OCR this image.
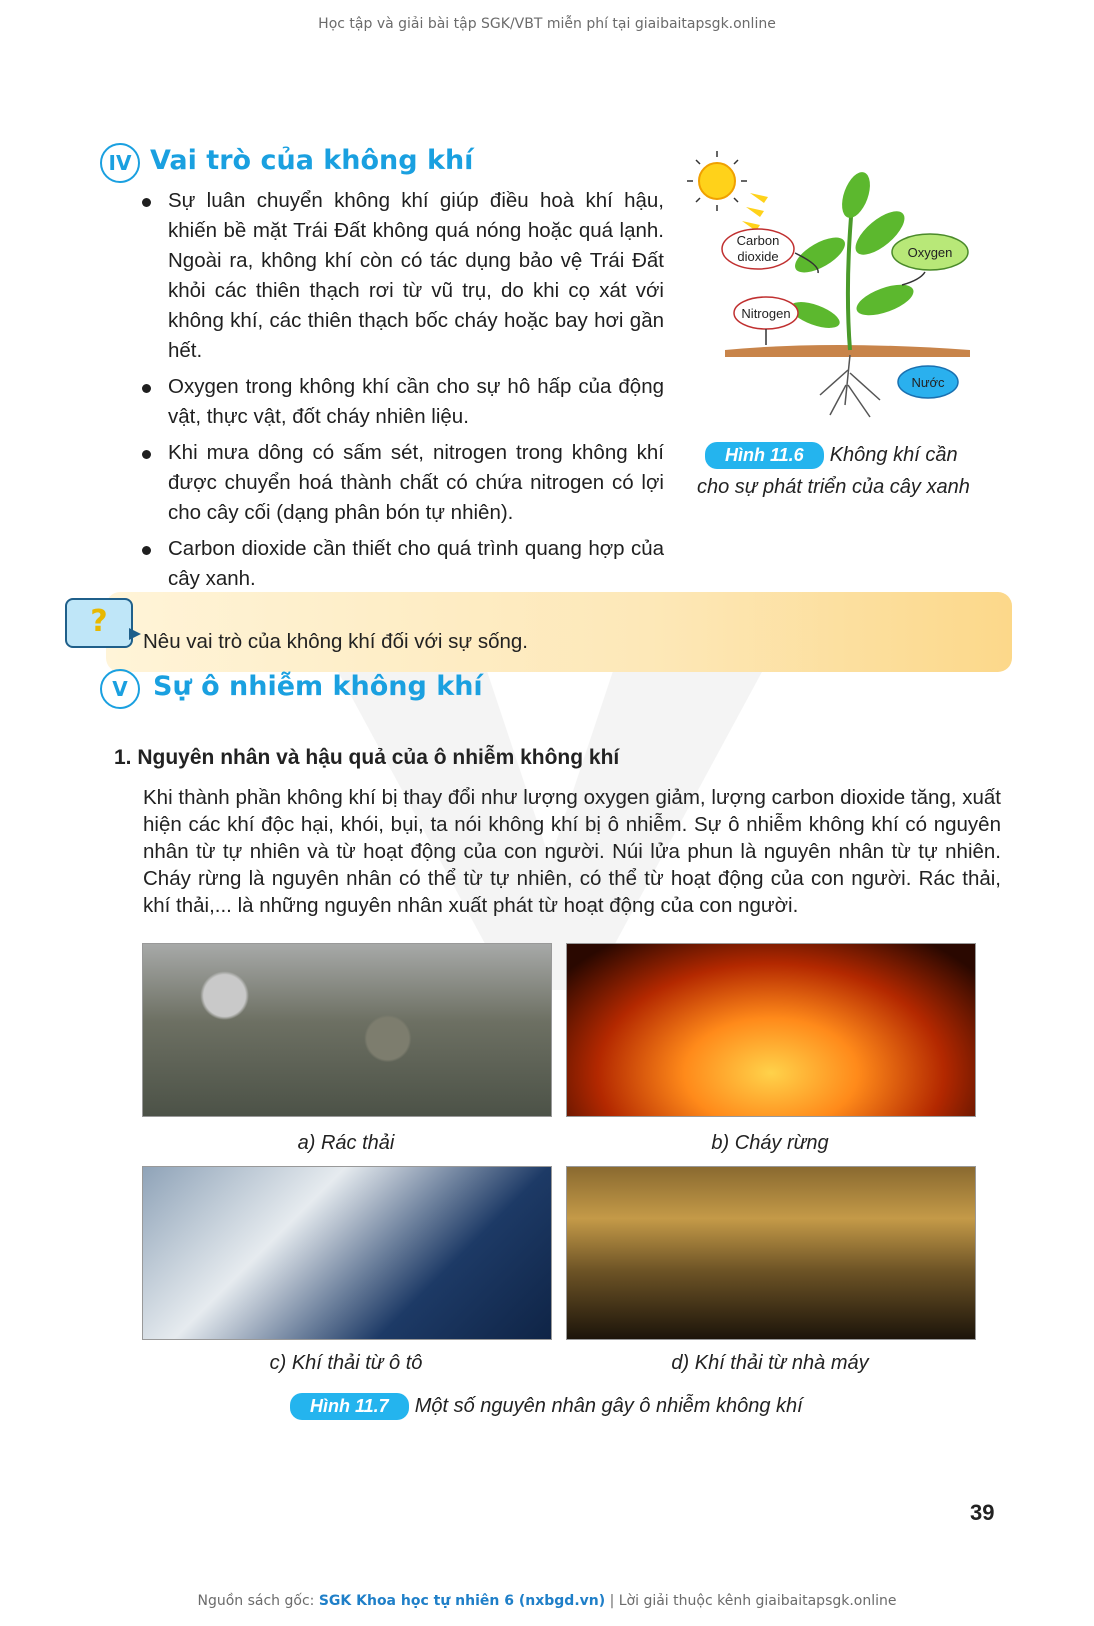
Học tập và giải bài tập SGK/VBT miễn phí tại giaibaitapsgk.online
IV Vai trò của không khí
Sự luân chuyển không khí giúp điều hoà khí hậu, khiến bề mặt Trái Đất không quá nóng hoặc quá lạnh. Ngoài ra, không khí còn có tác dụng bảo vệ Trái Đất khỏi các thiên thạch rơi từ vũ trụ, do khi cọ xát với không khí, các thiên thạch bốc cháy hoặc bay hơi gần hết.
Oxygen trong không khí cần cho sự hô hấp của động vật, thực vật, đốt cháy nhiên liệu.
Khi mưa dông có sấm sét, nitrogen trong không khí được chuyển hoá thành chất có chứa nitrogen có lợi cho cây cối (dạng phân bón tự nhiên).
Carbon dioxide cần thiết cho quá trình quang hợp của cây xanh.
Carbon
dioxide	Oxygen
Nitrogen
Nước
Hình 11.6 Không khí cần
cho sự phát triển của cây xanh
?
Nêu vai trò của không khí đối với sự sống.
V Sự ô nhiễm không khí
1. Nguyên nhân và hậu quả của ô nhiễm không khí
Khi thành phần không khí bị thay đổi như lượng oxygen giảm, lượng carbon dioxide tăng, xuất hiện các khí độc hại, khói, bụi, ta nói không khí bị ô nhiễm. Sự ô nhiễm không khí có nguyên nhân từ tự nhiên và từ hoạt động của con người. Núi lửa phun là nguyên nhân từ tự nhiên. Cháy rừng là nguyên nhân có thể từ tự nhiên, có thể từ hoạt động của con người. Rác thải, khí thải,... là những nguyên nhân xuất phát từ hoạt động của con người.
a) Rác thải	b) Cháy rừng
c) Khí thải từ ô tô	d) Khí thải từ nhà máy
Hình 11.7 Một số nguyên nhân gây ô nhiễm không khí
39
Nguồn sách gốc: SGK Khoa học tự nhiên 6 (nxbgd.vn) | Lời giải thuộc kênh giaibaitapsgk.online
